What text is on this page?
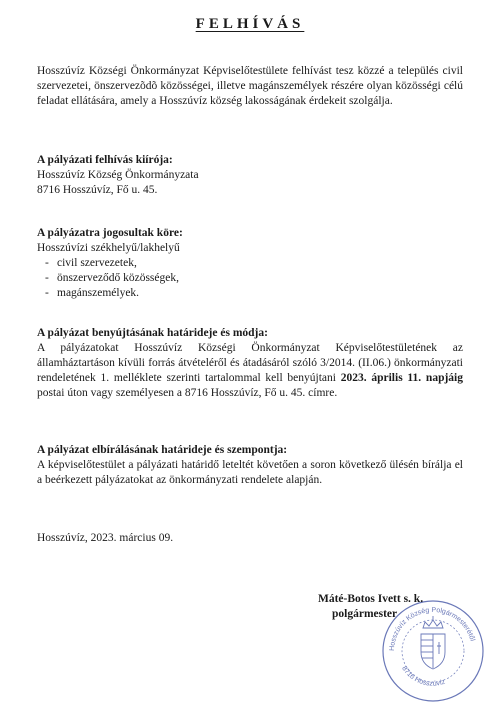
FELHÍVÁS
Hosszúvíz Községi Önkormányzat Képviselőtestülete felhívást tesz közzé a település civil szervezetei, önszervezõdõ közösségei, illetve magánszemélyek részére olyan közösségi célú feladat ellátására, amely a Hosszúvíz község lakosságának érdekeit szolgálja.
A pályázati felhívás kiírója:
Hosszúvíz Község Önkormányzata
8716 Hosszúvíz, Fő u. 45.
A pályázatra jogosultak köre:
Hosszúvízi székhelyű/lakhelyű
- civil szervezetek,
- önszerveződő közösségek,
- magánszemélyek.
A pályázat benyújtásának határideje és módja:
A pályázatokat Hosszúvíz Községi Önkormányzat Képviselőtestületének az államháztartáson kívüli forrás átvételéről és átadásáról szóló 3/2014. (II.06.) önkormányzati rendeletének 1. melléklete szerinti tartalommal kell benyújtani 2023. április 11. napjáig postai úton vagy személyesen a 8716 Hosszúvíz, Fő u. 45. címre.
A pályázat elbírálásának határideje és szempontja:
A képviselőtestület a pályázati határidő leteltét követően a soron következő ülésén bírálja el a beérkezett pályázatokat az önkormányzati rendelete alapján.
Hosszúvíz, 2023. március 09.
Hosszúvíz Község Polgármesterétől
8716 Hosszúvíz
Máté-Botos Ivett s. k.
polgármester
